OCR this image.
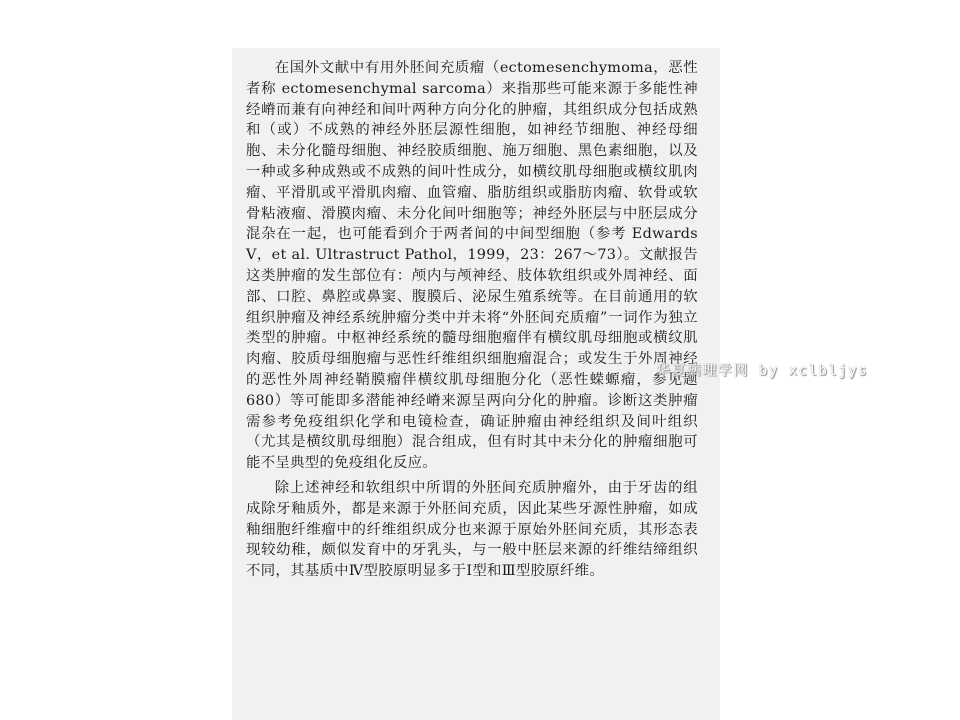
在国外文献中有用外胚间充质瘤（ectomesenchymoma，恶性者称 ectomesenchymal sarcoma）来指那些可能来源于多能性神经嵴而兼有向神经和间叶两种方向分化的肿瘤，其组织成分包括成熟和（或）不成熟的神经外胚层源性细胞，如神经节细胞、神经母细胞、未分化髓母细胞、神经胶质细胞、施万细胞、黑色素细胞，以及一种或多种成熟或不成熟的间叶性成分，如横纹肌母细胞或横纹肌肉瘤、平滑肌或平滑肌肉瘤、血管瘤、脂肪组织或脂肪肉瘤、软骨或软骨粘液瘤、滑膜肉瘤、未分化间叶细胞等；神经外胚层与中胚层成分混杂在一起，也可能看到介于两者间的中间型细胞（参考 Edwards V，et al. Ultrastruct Pathol，1999，23：267～73）。文献报告这类肿瘤的发生部位有：颅内与颅神经、肢体软组织或外周神经、面部、口腔、鼻腔或鼻窦、腹膜后、泌尿生殖系统等。在目前通用的软组织肿瘤及神经系统肿瘤分类中并未将“外胚间充质瘤”一词作为独立类型的肿瘤。中枢神经系统的髓母细胞瘤伴有横纹肌母细胞或横纹肌肉瘤、胶质母细胞瘤与恶性纤维组织细胞瘤混合；或发生于外周神经的恶性外周神经鞘膜瘤伴横纹肌母细胞分化（恶性蝾螈瘤，参见题 680）等可能即多潜能神经嵴来源呈两向分化的肿瘤。诊断这类肿瘤需参考免疫组织化学和电镜检查，确证肿瘤由神经组织及间叶组织（尤其是横纹肌母细胞）混合组成，但有时其中未分化的肿瘤细胞可能不呈典型的免疫组化反应。

除上述神经和软组织中所谓的外胚间充质肿瘤外，由于牙齿的组成除牙釉质外，都是来源于外胚间充质，因此某些牙源性肿瘤，如成釉细胞纤维瘤中的纤维组织成分也来源于原始外胚间充质，其形态表现较幼稚，颇似发育中的牙乳头，与一般中胚层来源的纤维结缔组织不同，其基质中Ⅳ型胶原明显多于Ⅰ型和Ⅲ型胶原纤维。

华夏病理学网 by xclbljys
